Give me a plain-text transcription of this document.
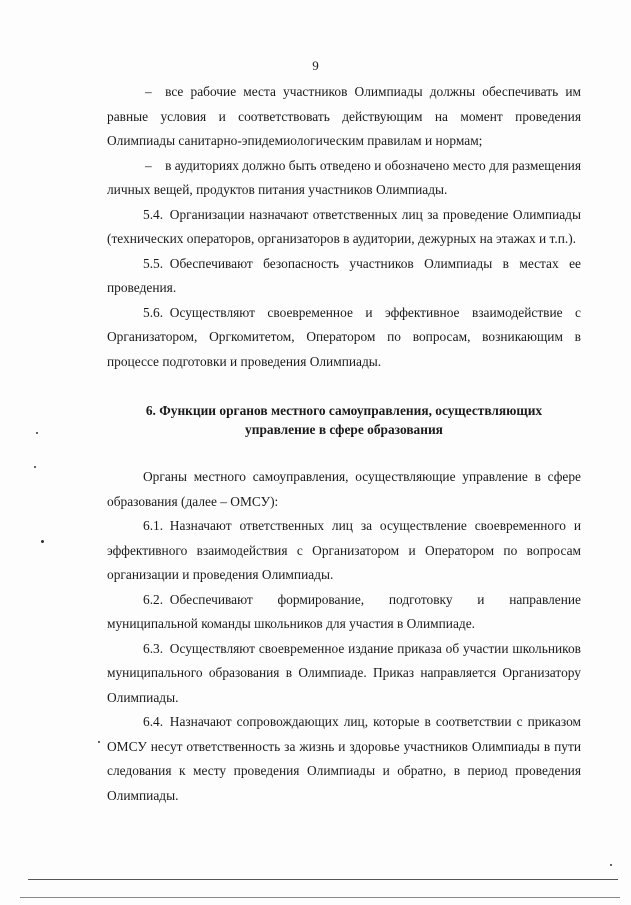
9

– все рабочие места участников Олимпиады должны обеспечивать им равные условия и соответствовать действующим на момент проведения Олимпиады санитарно-эпидемиологическим правилам и нормам;

– в аудиториях должно быть отведено и обозначено место для размещения личных вещей, продуктов питания участников Олимпиады.

5.4. Организации назначают ответственных лиц за проведение Олимпиады (технических операторов, организаторов в аудитории, дежурных на этажах и т.п.).

5.5. Обеспечивают безопасность участников Олимпиады в местах ее проведения.

5.6. Осуществляют своевременное и эффективное взаимодействие с Организатором, Оргкомитетом, Оператором по вопросам, возникающим в процессе подготовки и проведения Олимпиады.

6. Функции органов местного самоуправления, осуществляющих
управление в сфере образования

Органы местного самоуправления, осуществляющие управление в сфере образования (далее – ОМСУ):

6.1. Назначают ответственных лиц за осуществление своевременного и эффективного взаимодействия с Организатором и Оператором по вопросам организации и проведения Олимпиады.

6.2. Обеспечивают формирование, подготовку и направление муниципальной команды школьников для участия в Олимпиаде.

6.3. Осуществляют своевременное издание приказа об участии школьников муниципального образования в Олимпиаде. Приказ направляется Организатору Олимпиады.

6.4. Назначают сопровождающих лиц, которые в соответствии с приказом ОМСУ несут ответственность за жизнь и здоровье участников Олимпиады в пути следования к месту проведения Олимпиады и обратно, в период проведения Олимпиады.
